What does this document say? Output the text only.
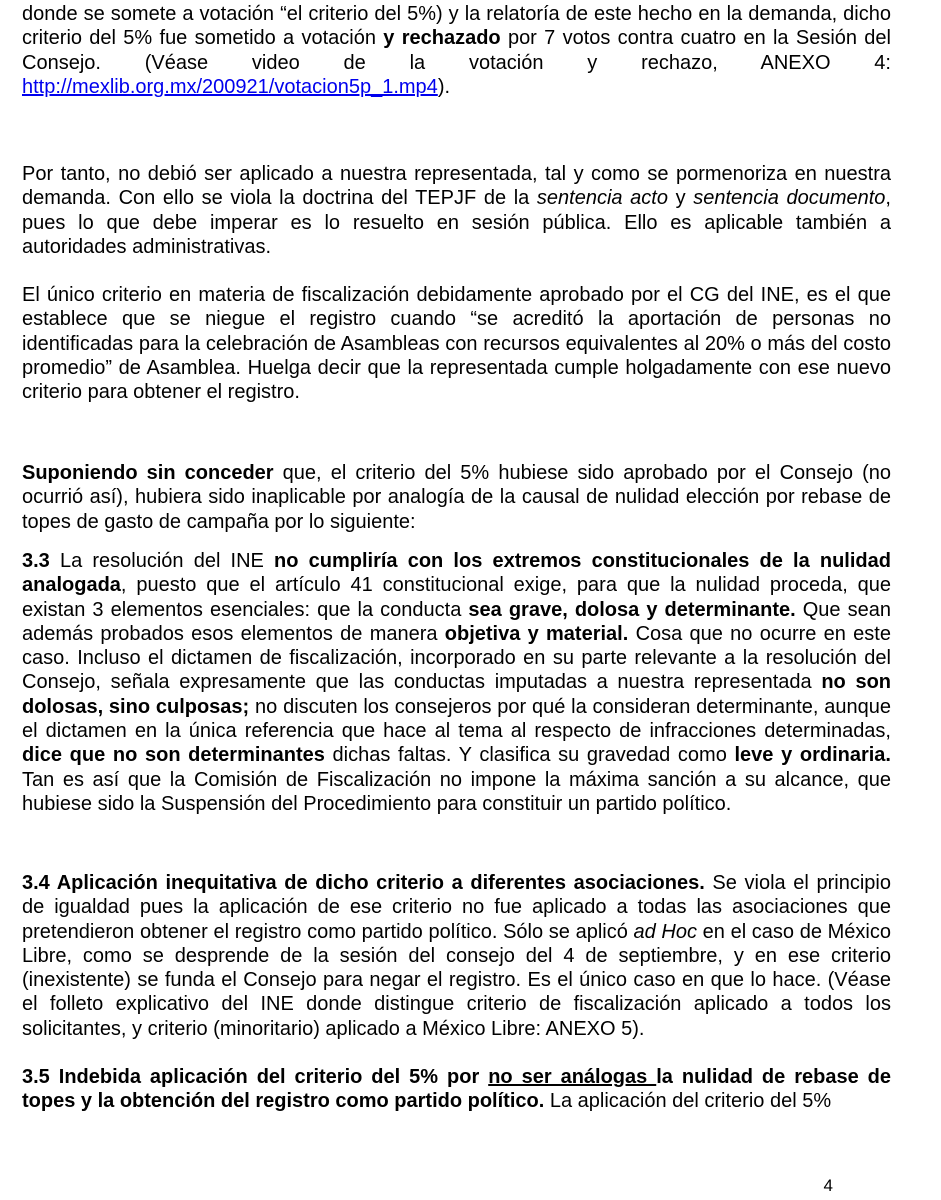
donde se somete a votación “el criterio del 5%) y la relatoría de este hecho en la demanda, dicho criterio del 5% fue sometido a votación y rechazado por 7 votos contra cuatro en la Sesión del Consejo. (Véase video de la votación y rechazo, ANEXO 4: http://mexlib.org.mx/200921/votacion5p_1.mp4).

Por tanto, no debió ser aplicado a nuestra representada, tal y como se pormenoriza en nuestra demanda. Con ello se viola la doctrina del TEPJF de la sentencia acto y sentencia documento, pues lo que debe imperar es lo resuelto en sesión pública. Ello es aplicable también a autoridades administrativas.

El único criterio en materia de fiscalización debidamente aprobado por el CG del INE, es el que establece que se niegue el registro cuando “se acreditó la aportación de personas no identificadas para la celebración de Asambleas con recursos equivalentes al 20% o más del costo promedio” de Asamblea. Huelga decir que la representada cumple holgadamente con ese nuevo criterio para obtener el registro.

Suponiendo sin conceder que, el criterio del 5% hubiese sido aprobado por el Consejo (no ocurrió así), hubiera sido inaplicable por analogía de la causal de nulidad elección por rebase de topes de gasto de campaña por lo siguiente:

3.3 La resolución del INE no cumpliría con los extremos constitucionales de la nulidad analogada, puesto que el artículo 41 constitucional exige, para que la nulidad proceda, que existan 3 elementos esenciales: que la conducta sea grave, dolosa y determinante. Que sean además probados esos elementos de manera objetiva y material. Cosa que no ocurre en este caso. Incluso el dictamen de fiscalización, incorporado en su parte relevante a la resolución del Consejo, señala expresamente que las conductas imputadas a nuestra representada no son dolosas, sino culposas; no discuten los consejeros por qué la consideran determinante, aunque el dictamen en la única referencia que hace al tema al respecto de infracciones determinadas, dice que no son determinantes dichas faltas. Y clasifica su gravedad como leve y ordinaria. Tan es así que la Comisión de Fiscalización no impone la máxima sanción a su alcance, que hubiese sido la Suspensión del Procedimiento para constituir un partido político.

3.4 Aplicación inequitativa de dicho criterio a diferentes asociaciones. Se viola el principio de igualdad pues la aplicación de ese criterio no fue aplicado a todas las asociaciones que pretendieron obtener el registro como partido político. Sólo se aplicó ad Hoc en el caso de México Libre, como se desprende de la sesión del consejo del 4 de septiembre, y en ese criterio (inexistente) se funda el Consejo para negar el registro. Es el único caso en que lo hace. (Véase el folleto explicativo del INE donde distingue criterio de fiscalización aplicado a todos los solicitantes, y criterio (minoritario) aplicado a México Libre: ANEXO 5).

3.5 Indebida aplicación del criterio del 5% por no ser análogas la nulidad de rebase de topes y la obtención del registro como partido político. La aplicación del criterio del 5%

4
